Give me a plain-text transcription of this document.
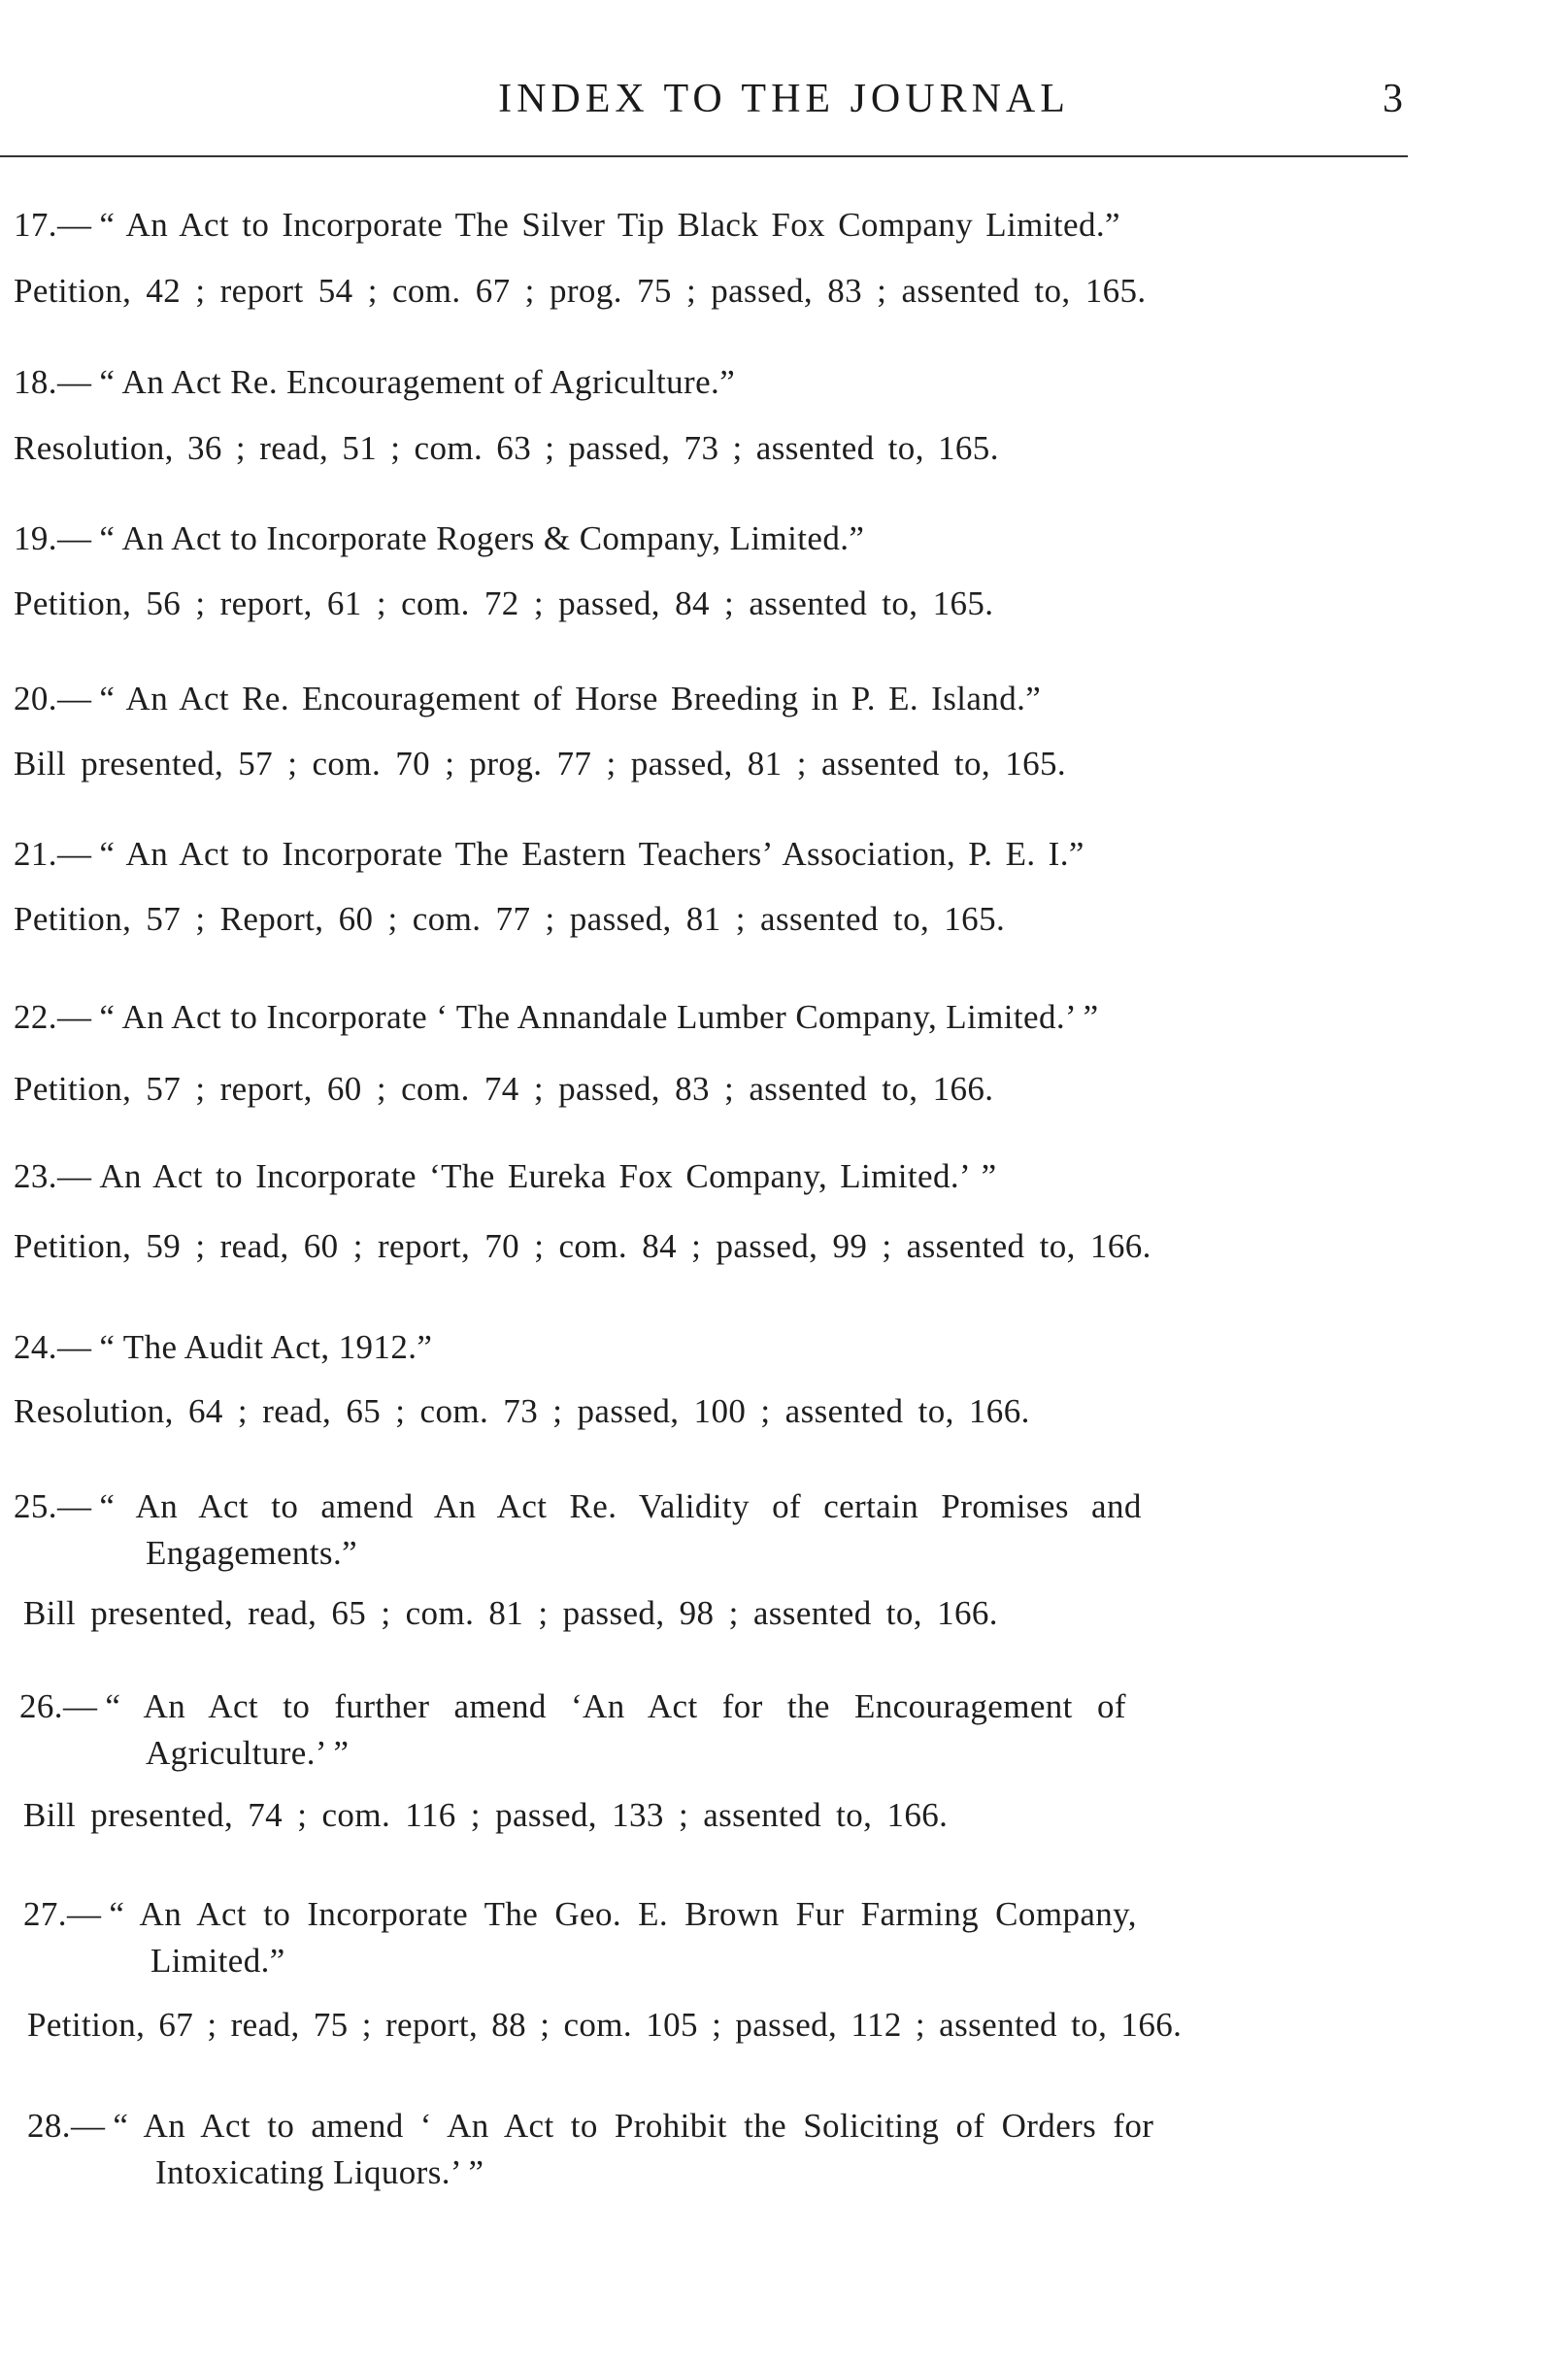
INDEX TO THE JOURNAL	3
17.— “ An Act to Incorporate The Silver Tip Black Fox Company Limited.”
Petition, 42 ; report 54 ; com. 67 ; prog. 75 ; passed, 83 ; assented to, 165.
18.— “ An Act Re. Encouragement of Agriculture.”
Resolution, 36 ; read, 51 ; com. 63 ; passed, 73 ; assented to, 165.
19.— “ An Act to Incorporate Rogers & Company, Limited.”
Petition, 56 ; report, 61 ; com. 72 ; passed, 84 ; assented to, 165.
20.— “ An Act Re. Encouragement of Horse Breeding in P. E. Island.”
Bill presented, 57 ; com. 70 ; prog. 77 ; passed, 81 ; assented to, 165.
21.— “ An Act to Incorporate The Eastern Teachers’ Association, P. E. I.”
Petition, 57 ; Report, 60 ; com. 77 ; passed, 81 ; assented to, 165.
22.— “ An Act to Incorporate ‘ The Annandale Lumber Company, Limited.’ ”
Petition, 57 ; report, 60 ; com. 74 ; passed, 83 ; assented to, 166.
23.— An Act to Incorporate ‘The Eureka Fox Company, Limited.’ ”
Petition, 59 ; read, 60 ; report, 70 ; com. 84 ; passed, 99 ; assented to, 166.
24.— “ The Audit Act, 1912.”
Resolution, 64 ; read, 65 ; com. 73 ; passed, 100 ; assented to, 166.
25.— “ An Act to amend An Act Re. Validity of certain Promises and
Engagements.”
Bill presented, read, 65 ; com. 81 ; passed, 98 ; assented to, 166.
26.— “ An Act to further amend ‘An Act for the Encouragement of
Agriculture.’ ”
Bill presented, 74 ; com. 116 ; passed, 133 ; assented to, 166.
27.— “ An Act to Incorporate The Geo. E. Brown Fur Farming Company,
Limited.”
Petition, 67 ; read, 75 ; report, 88 ; com. 105 ; passed, 112 ; assented to, 166.
28.— “ An Act to amend ‘ An Act to Prohibit the Soliciting of Orders for
Intoxicating Liquors.’ ”
